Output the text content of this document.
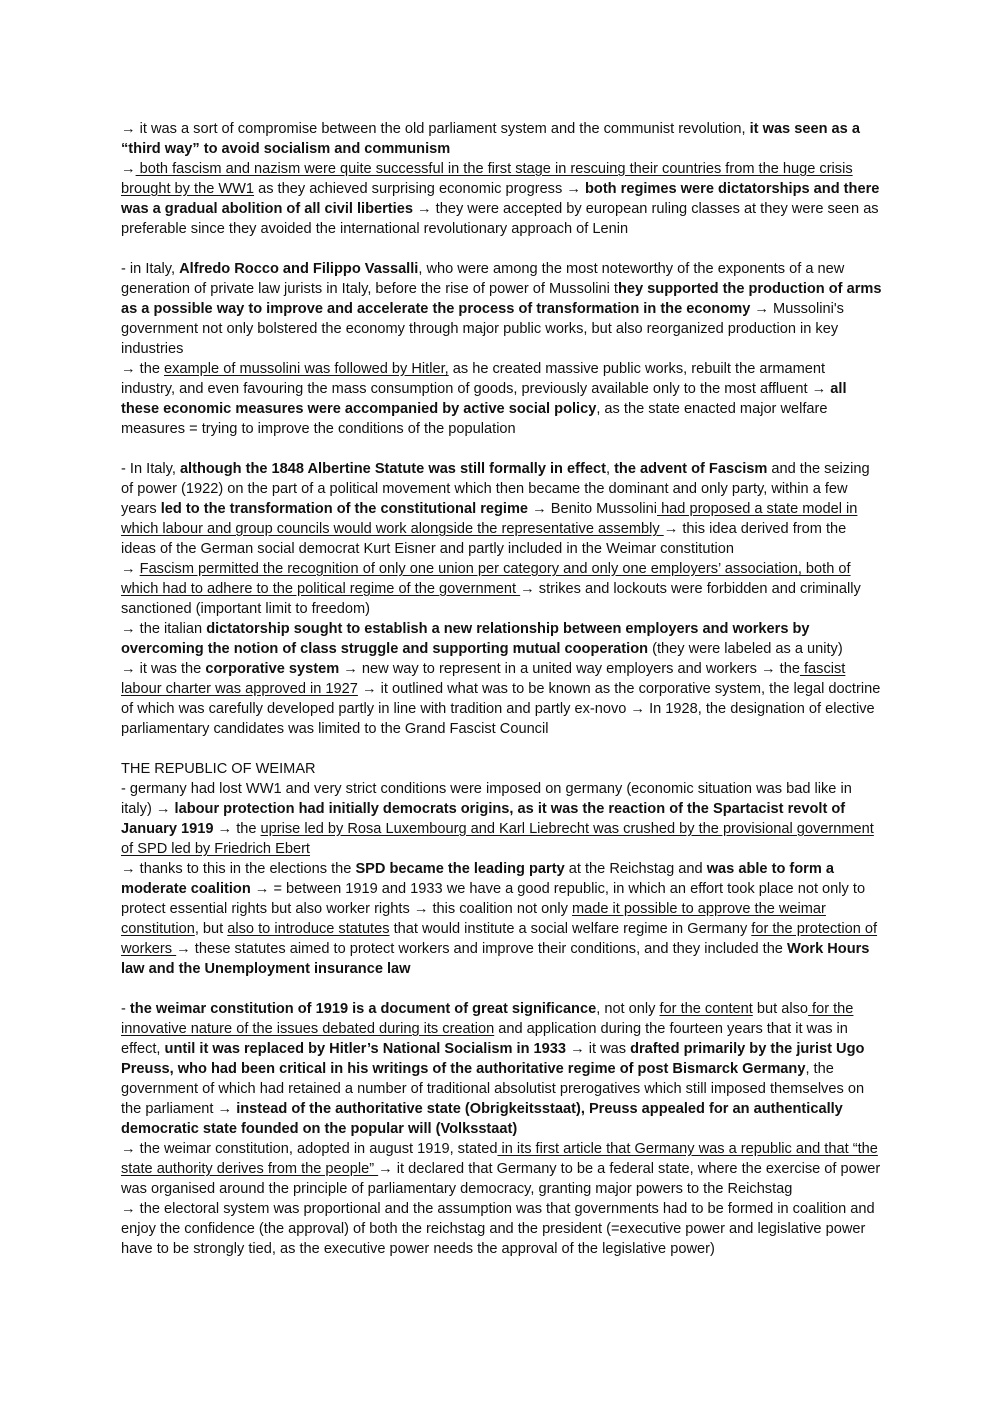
→ it was a sort of compromise between the old parliament system and the communist revolution, it was seen as a “third way” to avoid socialism and communism

→ both fascism and nazism were quite successful in the first stage in rescuing their countries from the huge crisis brought by the WW1 as they achieved surprising economic progress → both regimes were dictatorships and there was a gradual abolition of all civil liberties → they were accepted by european ruling classes at they were seen as preferable since they avoided the international revolutionary approach of Lenin

- in Italy, Alfredo Rocco and Filippo Vassalli, who were among the most noteworthy of the exponents of a new generation of private law jurists in Italy, before the rise of power of Mussolini they supported the production of arms as a possible way to improve and accelerate the process of transformation in the economy → Mussolini's government not only bolstered the economy through major public works, but also reorganized production in key industries

→ the example of mussolini was followed by Hitler, as he created massive public works, rebuilt the armament industry, and even favouring the mass consumption of goods, previously available only to the most affluent → all these economic measures were accompanied by active social policy, as the state enacted major welfare measures = trying to improve the conditions of the population

- In Italy, although the 1848 Albertine Statute was still formally in effect, the advent of Fascism and the seizing of power (1922) on the part of a political movement which then became the dominant and only party, within a few years led to the transformation of the constitutional regime → Benito Mussolini had proposed a state model in which labour and group councils would work alongside the representative assembly → this idea derived from the ideas of the German social democrat Kurt Eisner and partly included in the Weimar constitution

→ Fascism permitted the recognition of only one union per category and only one employers’ association, both of which had to adhere to the political regime of the government → strikes and lockouts were forbidden and criminally sanctioned (important limit to freedom)

→ the italian dictatorship sought to establish a new relationship between employers and workers by overcoming the notion of class struggle and supporting mutual cooperation (they were labeled as a unity)

→ it was the corporative system → new way to represent in a united way employers and workers → the fascist labour charter was approved in 1927 → it outlined what was to be known as the corporative system, the legal doctrine of which was carefully developed partly in line with tradition and partly ex-novo → In 1928, the designation of elective parliamentary candidates was limited to the Grand Fascist Council

THE REPUBLIC OF WEIMAR

- germany had lost WW1 and very strict conditions were imposed on germany (economic situation was bad like in italy) → labour protection had initially democrats origins, as it was the reaction of the Spartacist revolt of January 1919 → the uprise led by Rosa Luxembourg and Karl Liebrecht was crushed by the provisional government of SPD led by Friedrich Ebert

→ thanks to this in the elections the SPD became the leading party at the Reichstag and was able to form a moderate coalition → = between 1919 and 1933 we have a good republic, in which an effort took place not only to protect essential rights but also worker rights → this coalition not only made it possible to approve the weimar constitution, but also to introduce statutes that would institute a social welfare regime in Germany for the protection of workers → these statutes aimed to protect workers and improve their conditions, and they included the Work Hours law and the Unemployment insurance law

- the weimar constitution of 1919 is a document of great significance, not only for the content but also for the innovative nature of the issues debated during its creation and application during the fourteen years that it was in effect, until it was replaced by Hitler’s National Socialism in 1933 → it was drafted primarily by the jurist Ugo Preuss, who had been critical in his writings of the authoritative regime of post Bismarck Germany, the government of which had retained a number of traditional absolutist prerogatives which still imposed themselves on the parliament → instead of the authoritative state (Obrigkeitsstaat), Preuss appealed for an authentically democratic state founded on the popular will (Volksstaat)

→ the weimar constitution, adopted in august 1919, stated in its first article that Germany was a republic and that “the state authority derives from the people” → it declared that Germany to be a federal state, where the exercise of power was organised around the principle of parliamentary democracy, granting major powers to the Reichstag

→ the electoral system was proportional and the assumption was that governments had to be formed in coalition and enjoy the confidence (the approval) of both the reichstag and the president (=executive power and legislative power have to be strongly tied, as the executive power needs the approval of the legislative power)
